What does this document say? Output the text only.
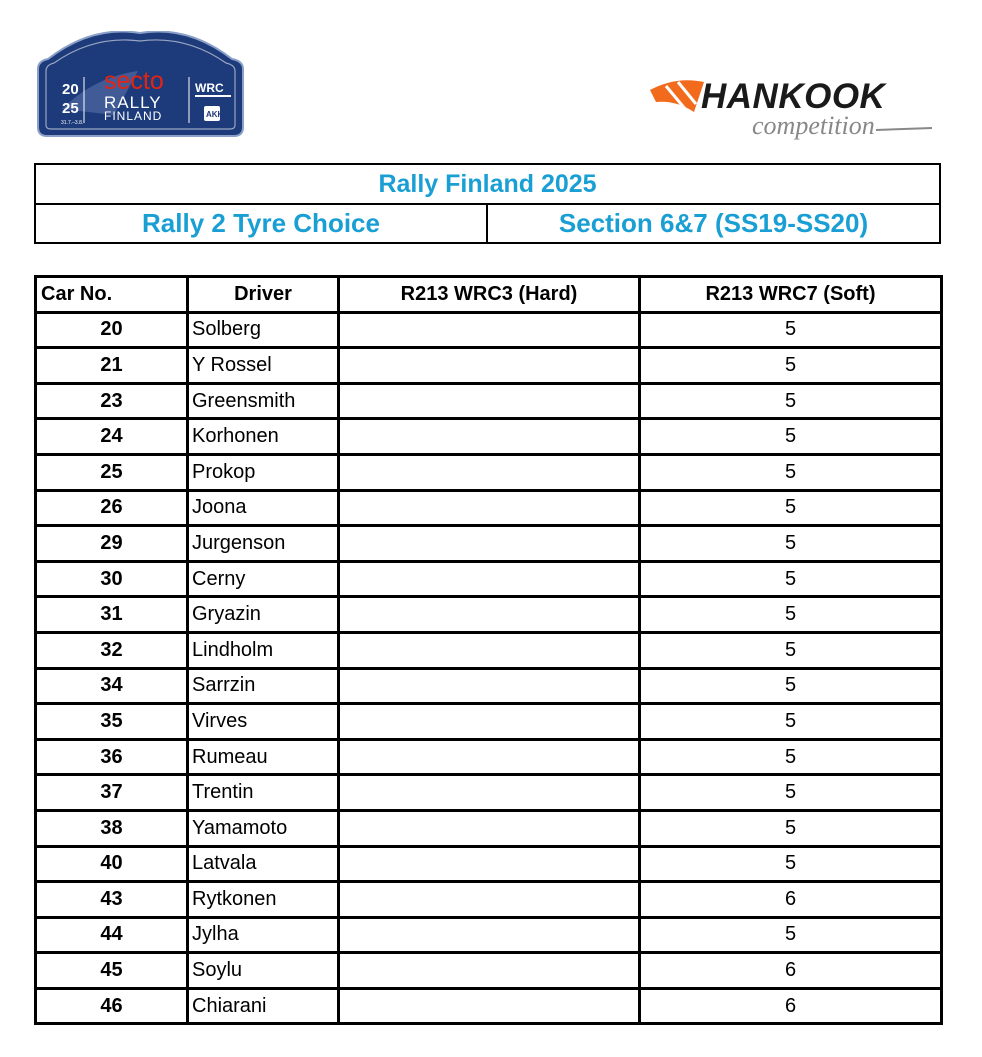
20
25
31.7.–3.8.
secto
RALLY
FINLAND
WRC
AKK	HANKOOK
competition
Rally Finland 2025
Rally 2 Tyre Choice	Section 6&7 (SS19-SS20)
Car No.	Driver	R213 WRC3 (Hard)	R213 WRC7 (Soft)
20	Solberg		5
21	Y Rossel		5
23	Greensmith		5
24	Korhonen		5
25	Prokop		5
26	Joona		5
29	Jurgenson		5
30	Cerny		5
31	Gryazin		5
32	Lindholm		5
34	Sarrzin		5
35	Virves		5
36	Rumeau		5
37	Trentin		5
38	Yamamoto		5
40	Latvala		5
43	Rytkonen		6
44	Jylha		5
45	Soylu		6
46	Chiarani		6
